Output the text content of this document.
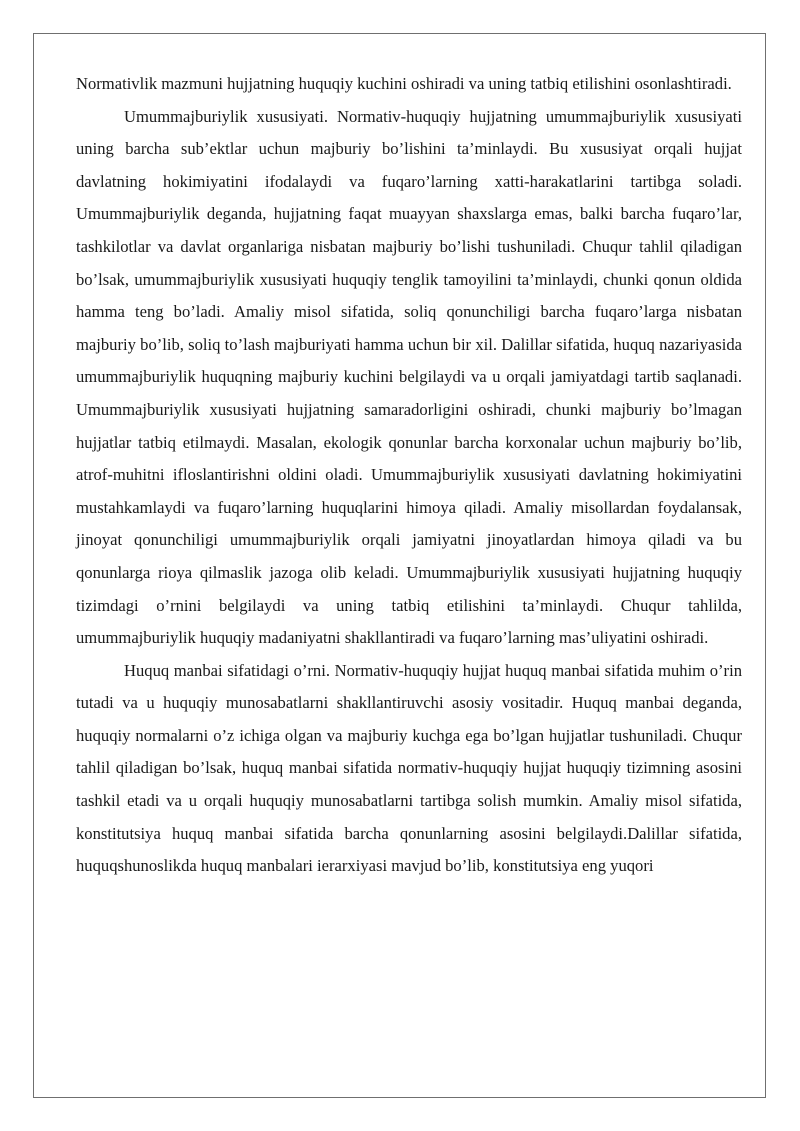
Normativlik mazmuni hujjatning huquqiy kuchini oshiradi va uning tatbiq etilishini osonlashtiradi.

Umummajburiylik xususiyati. Normativ-huquqiy hujjatning umummajburiylik xususiyati uning barcha sub’ektlar uchun majburiy bo’lishini ta’minlaydi. Bu xususiyat orqali hujjat davlatning hokimiyatini ifodalaydi va fuqaro’larning xatti-harakatlarini tartibga soladi. Umummajburiylik deganda, hujjatning faqat muayyan shaxslarga emas, balki barcha fuqaro’lar, tashkilotlar va davlat organlariga nisbatan majburiy bo’lishi tushuniladi. Chuqur tahlil qiladigan bo’lsak, umummajburiylik xususiyati huquqiy tenglik tamoyilini ta’minlaydi, chunki qonun oldida hamma teng bo’ladi. Amaliy misol sifatida, soliq qonunchiligi barcha fuqaro’larga nisbatan majburiy bo’lib, soliq to’lash majburiyati hamma uchun bir xil. Dalillar sifatida, huquq nazariyasida umummajburiylik huquqning majburiy kuchini belgilaydi va u orqali jamiyatdagi tartib saqlanadi. Umummajburiylik xususiyati hujjatning samaradorligini oshiradi, chunki majburiy bo’lmagan hujjatlar tatbiq etilmaydi. Masalan, ekologik qonunlar barcha korxonalar uchun majburiy bo’lib, atrof-muhitni ifloslantirishni oldini oladi. Umummajburiylik xususiyati davlatning hokimiyatini mustahkamlaydi va fuqaro’larning huquqlarini himoya qiladi. Amaliy misollardan foydalansak, jinoyat qonunchiligi umummajburiylik orqali jamiyatni jinoyatlardan himoya qiladi va bu qonunlarga rioya qilmaslik jazoga olib keladi. Umummajburiylik xususiyati hujjatning huquqiy tizimdagi o’rnini belgilaydi va uning tatbiq etilishini ta’minlaydi. Chuqur tahlilda, umummajburiylik huquqiy madaniyatni shakllantiradi va fuqaro’larning mas’uliyatini oshiradi.

Huquq manbai sifatidagi o’rni. Normativ-huquqiy hujjat huquq manbai sifatida muhim o’rin tutadi va u huquqiy munosabatlarni shakllantiruvchi asosiy vositadir. Huquq manbai deganda, huquqiy normalarni o’z ichiga olgan va majburiy kuchga ega bo’lgan hujjatlar tushuniladi. Chuqur tahlil qiladigan bo’lsak, huquq manbai sifatida normativ-huquqiy hujjat huquqiy tizimning asosini tashkil etadi va u orqali huquqiy munosabatlarni tartibga solish mumkin. Amaliy misol sifatida, konstitutsiya huquq manbai sifatida barcha qonunlarning asosini belgilaydi.Dalillar sifatida, huquqshunoslikda huquq manbalari ierarxiyasi mavjud bo’lib, konstitutsiya eng yuqori
